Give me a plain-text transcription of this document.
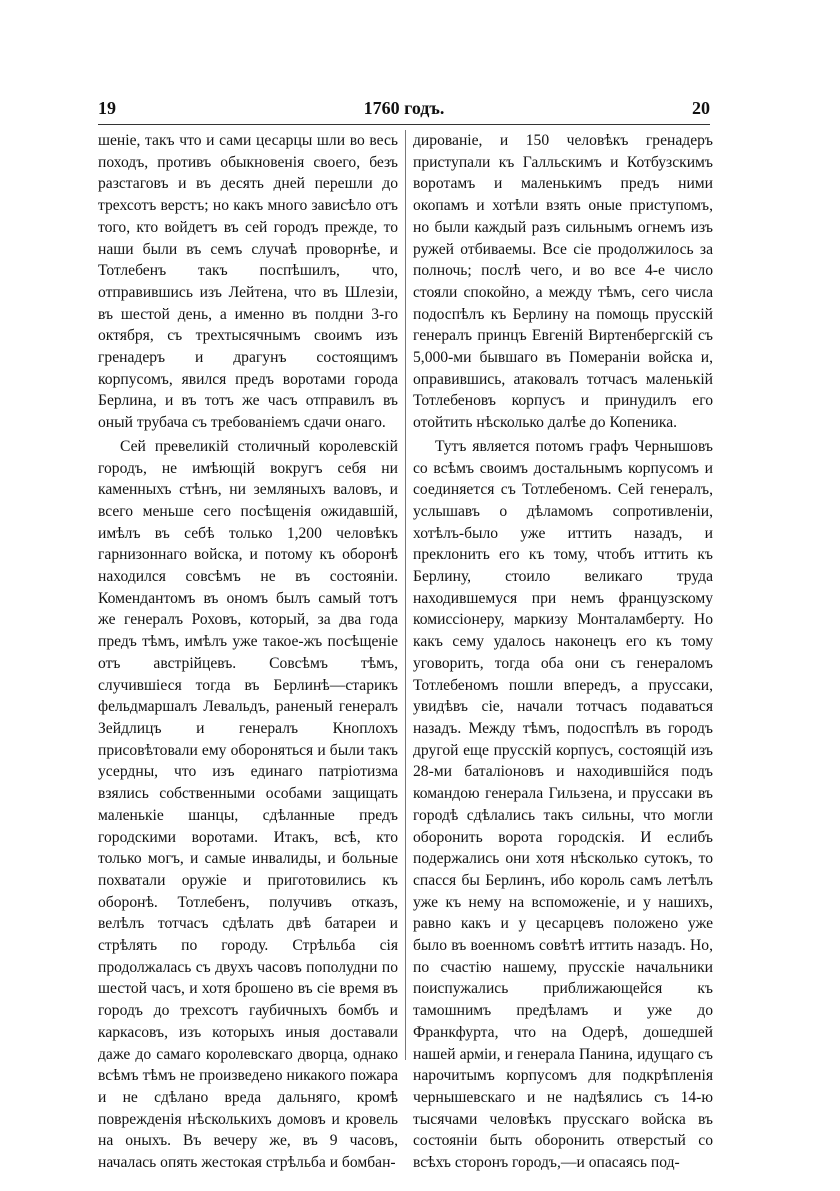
19	1760 годъ.	20

шеніе, такъ что и сами цесарцы шли во весь походъ, противъ обыкновенія своего, безъ разстаговъ и въ десять дней перешли до трехсотъ верстъ; но какъ много зависѣло отъ того, кто войдетъ въ сей городъ прежде, то наши были въ семъ случаѣ проворнѣе, и Тотлебенъ такъ поспѣшилъ, что, отправившись изъ Лейтена, что въ Шлезіи, въ шестой день, а именно въ полдни 3-го октября, съ трехтысячнымъ своимъ изъ гренадеръ и драгунъ состоящимъ корпусомъ, явился предъ воротами города Берлина, и въ тотъ же часъ отправилъ въ оный трубача съ требованіемъ сдачи онаго.

Сей превеликій столичный королевскій городъ, не имѣющій вокругъ себя ни каменныхъ стѣнъ, ни земляныхъ валовъ, и всего меньше сего посѣщенія ожидавшій, имѣлъ въ себѣ только 1,200 человѣкъ гарнизоннаго войска, и потому къ оборонѣ находился совсѣмъ не въ состояніи. Комендантомъ въ ономъ былъ самый тотъ же генералъ Роховъ, который, за два года предъ тѣмъ, имѣлъ уже такое-жъ посѣщеніе отъ австрійцевъ. Совсѣмъ тѣмъ, случившіеся тогда въ Берлинѣ—старикъ фельдмаршалъ Левальдъ, раненый генералъ Зейдлицъ и генералъ Кноплохъ присовѣтовали ему обороняться и были такъ усердны, что изъ единаго патріотизма взялись собственными особами защищать маленькіе шанцы, сдѣланные предъ городскими воротами. Итакъ, всѣ, кто только могъ, и самые инвалиды, и больные похватали оружіе и приготовились къ оборонѣ. Тотлебенъ, получивъ отказъ, велѣлъ тотчасъ сдѣлать двѣ батареи и стрѣлять по городу. Стрѣльба сія продолжалась съ двухъ часовъ пополудни по шестой часъ, и хотя брошено въ сіе время въ городъ до трехсотъ гаубичныхъ бомбъ и каркасовъ, изъ которыхъ иныя доставали даже до самаго королевскаго дворца, однако всѣмъ тѣмъ не произведено никакого пожара и не сдѣлано вреда дальняго, кромѣ поврежденія нѣсколькихъ домовъ и кровель на оныхъ. Въ вечеру же, въ 9 часовъ, началась опять жестокая стрѣльба и бомбан-

дированіе, и 150 человѣкъ гренадеръ приступали къ Галльскимъ и Котбузскимъ воротамъ и маленькимъ предъ ними окопамъ и хотѣли взять оные приступомъ, но были каждый разъ сильнымъ огнемъ изъ ружей отбиваемы. Все сіе продолжилось за полночь; послѣ чего, и во все 4-е число стояли спокойно, а между тѣмъ, сего числа подоспѣлъ къ Берлину на помощь прусскій генералъ принцъ Евгеній Виртенбергскій съ 5,000-ми бывшаго въ Помераніи войска и, оправившись, атаковалъ тотчасъ маленькій Тотлебеновъ корпусъ и принудилъ его отойтить нѣсколько далѣе до Копеника.

Тутъ является потомъ графъ Чернышовъ со всѣмъ своимъ достальнымъ корпусомъ и соединяется съ Тотлебеномъ. Сей генералъ, услышавъ о дѣламомъ сопротивленіи, хотѣлъ-было уже иттить назадъ, и преклонить его къ тому, чтобъ иттить къ Берлину, стоило великаго труда находившемуся при немъ французскому комиссіонеру, маркизу Монталамберту. Но какъ сему удалось наконецъ его къ тому уговорить, тогда оба они съ генераломъ Тотлебеномъ пошли впередъ, а пруссаки, увидѣвъ сіе, начали тотчасъ подаваться назадъ. Между тѣмъ, подоспѣлъ въ городъ другой еще прусскій корпусъ, состоящій изъ 28-ми баталіоновъ и находившійся подъ командою генерала Гильзена, и пруссаки въ городѣ сдѣлались такъ сильны, что могли оборонить ворота городскія. И еслибъ подержались они хотя нѣсколько сутокъ, то спасся бы Берлинъ, ибо король самъ летѣлъ уже къ нему на вспоможеніе, и у нашихъ, равно какъ и у цесарцевъ положено уже было въ военномъ совѣтѣ иттить назадъ. Но, по счастію нашему, прусскіе начальники поиспужались приближающейся къ тамошнимъ предѣламъ и уже до Франкфурта, что на Одерѣ, дошедшей нашей арміи, и генерала Панина, идущаго съ нарочитымъ корпусомъ для подкрѣпленія чернышевскаго и не надѣялись съ 14-ю тысячами человѣкъ прусскаго войска въ состояніи быть оборонить отверстый со всѣхъ сторонъ городъ,—и опасаясь под-
